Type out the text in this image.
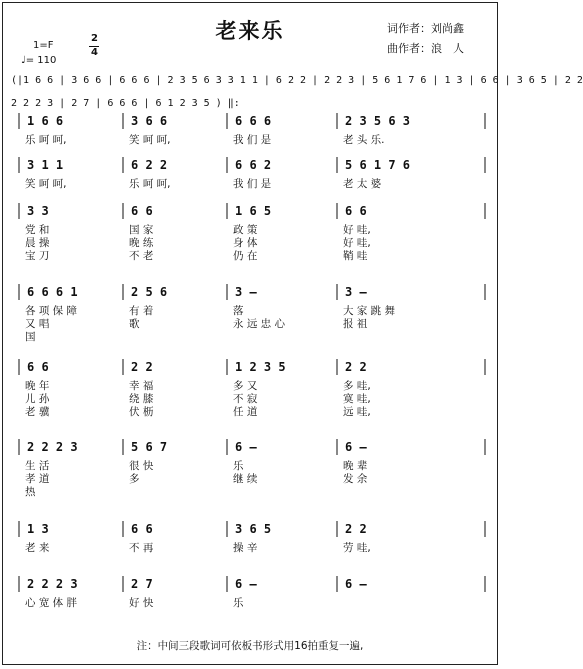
老来乐	词作者：刘尚鑫
曲作者：浪　人
1=F
2
4
♩= 110
(|1 6 6 | 3 6 6 | 6 6 6 | 2 3 5 6 3 3 1 1 | 6 2 2 | 2 2 3 | 5 6 1 7 6 | 1 3 | 6 6 | 3 6 5 | 2 2
2 2 2 3 | 2 7 | 6 6 6 | 6 1 2 3 5 ) ‖:
1 6 6	3 6 6	6 6 6	2 3 5 6 3
乐 呵 呵,	笑 呵 呵,	我 们 是	老 头 乐.
3 1 1	6 2 2	6 6 2	5 6 1 7 6
笑 呵 呵,	乐 呵 呵,	我 们 是	老 太 婆
3 3	6 6	1 6 5	6 6
党 和	国 家	政 策	好 哇,
晨 操	晚 练	身 体	好 哇,
宝 刀	不 老	仍 在	鞘 哇
6 6 6 1	2 5 6	3 –	3 –
各 项 保 障	有 着	落	大 家 跳 舞
又 唱	歌	永 远 忠 心	报 祖
国
6 6	2 2	1 2 3 5	2 2
晚 年	幸 福	多 又	多 哇,
儿 孙	绕 膝	不 寂	寞 哇,
老 骥	伏 枥	任 道	远 哇,
2 2 2 3	5 6 7	6 –	6 –
生 活	很 快	乐	晚 辈
孝 道	多	继 续	发 余
热
1 3	6 6	3 6 5	2 2
老 来	不 再	操 辛	劳 哇,
2 2 2 3	2 7	6 –	6 –
心 宽 体 胖	好 快	乐
注：中间三段歌词可依板书形式用16拍重复一遍,
